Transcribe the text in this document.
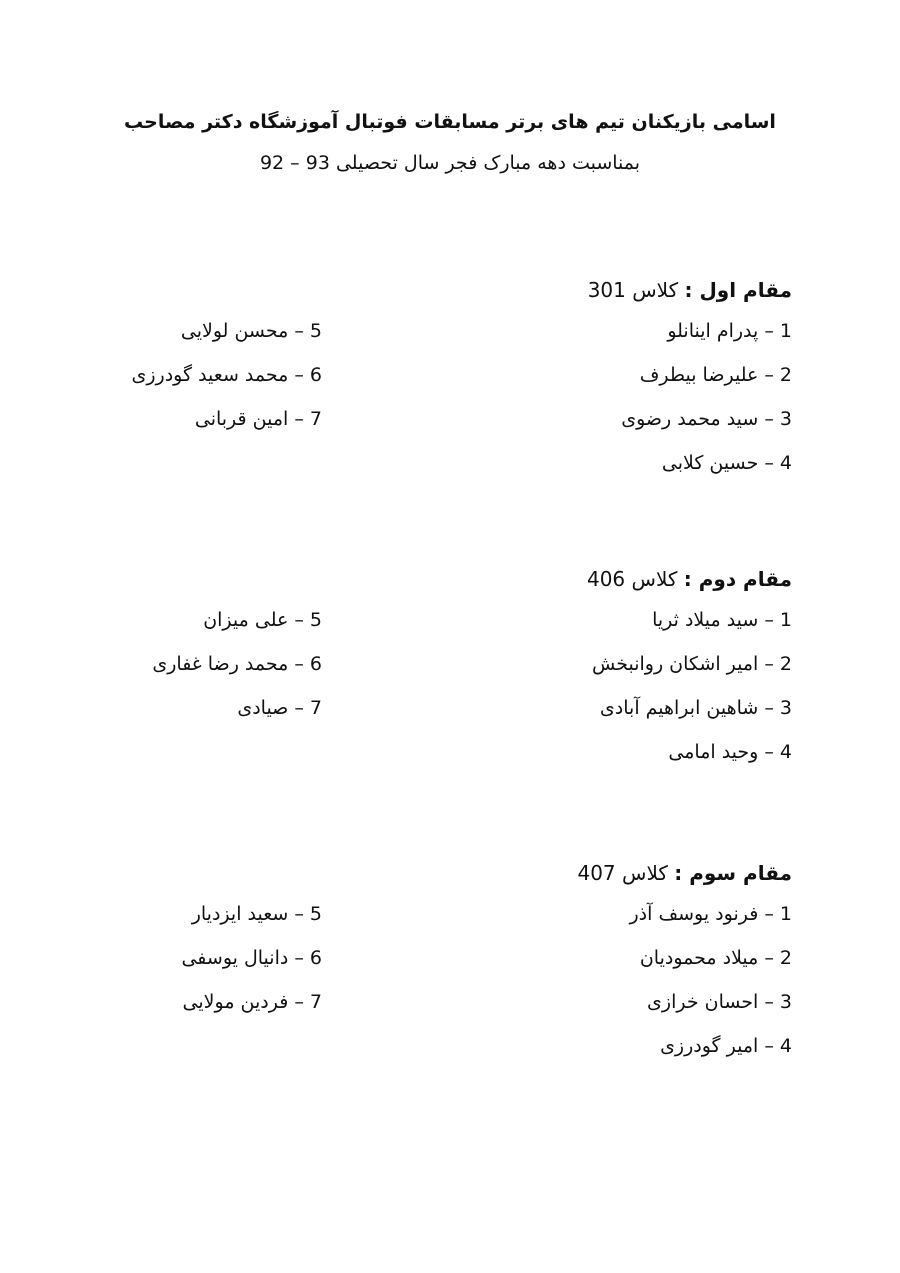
اسامی بازیکنان تیم های برتر مسابقات فوتبال آموزشگاه دکتر مصاحب
بمناسبت دهه مبارک فجر سال تحصیلی 93 – 92
مقام اول : کلاس 301
1 – پدرام اینانلو
2 – علیرضا بیطرف
3 – سید محمد رضوی
4 – حسین کلابی
5 – محسن لولایی
6 – محمد سعید گودرزی
7 – امین قربانی
مقام دوم : کلاس 406
1 – سید میلاد ثریا
2 – امیر اشکان روانبخش
3 – شاهین ابراهیم آبادی
4 – وحید امامی
5 – علی میزان
6 – محمد رضا غفاری
7 – صیادی
مقام سوم : کلاس 407
1 – فرنود یوسف آذر
2 – میلاد محمودیان
3 – احسان خرازی
4 – امیر گودرزی
5 – سعید ایزدیار
6 – دانیال یوسفی
7 – فردین مولایی
